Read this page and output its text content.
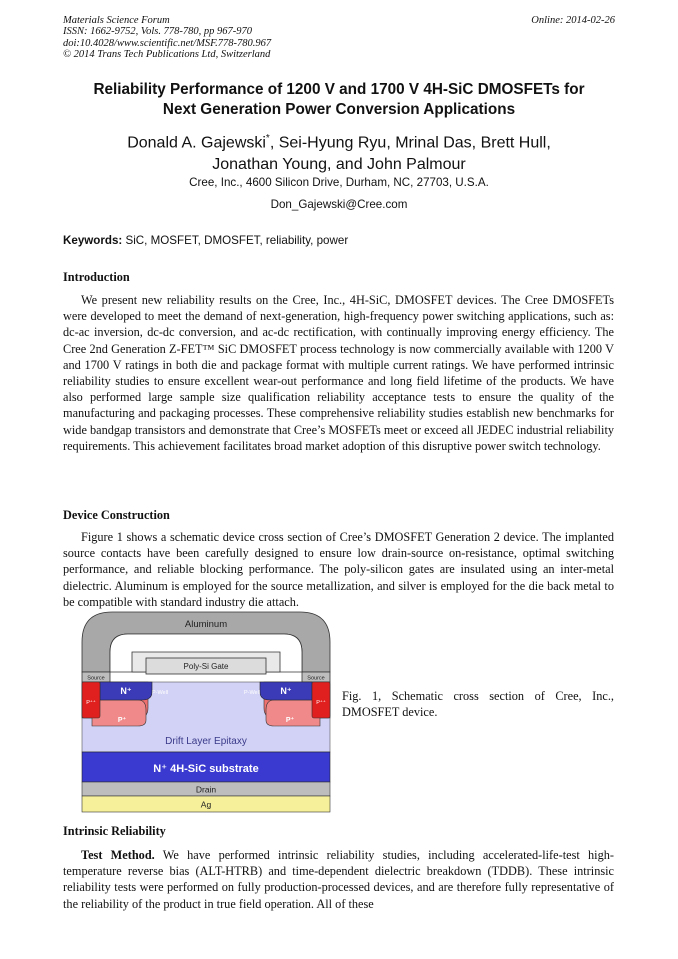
Materials Science Forum
ISSN: 1662-9752, Vols. 778-780, pp 967-970
doi:10.4028/www.scientific.net/MSF.778-780.967
© 2014 Trans Tech Publications Ltd, Switzerland
Online: 2014-02-26
Reliability Performance of 1200 V and 1700 V 4H-SiC DMOSFETs for
Next Generation Power Conversion Applications
Donald A. Gajewski*, Sei-Hyung Ryu, Mrinal Das, Brett Hull,
Jonathan Young, and John Palmour
Cree, Inc., 4600 Silicon Drive, Durham, NC, 27703, U.S.A.
Don_Gajewski@Cree.com
Keywords: SiC, MOSFET, DMOSFET, reliability, power
Introduction

We present new reliability results on the Cree, Inc., 4H-SiC, DMOSFET devices. The Cree DMOSFETs were developed to meet the demand of next-generation, high-frequency power switching applications, such as: dc-ac inversion, dc-dc conversion, and ac-dc rectification, with continually improving energy efficiency. The Cree 2nd Generation Z-FET™ SiC DMOSFET process technology is now commercially available with 1200 V and 1700 V ratings in both die and package format with multiple current ratings. We have performed intrinsic reliability studies to ensure excellent wear-out performance and long field lifetime of the products. We have also performed large sample size qualification reliability acceptance tests to ensure the quality of the manufacturing and packaging processes. These comprehensive reliability studies establish new benchmarks for wide bandgap transistors and demonstrate that Cree’s MOSFETs meet or exceed all JEDEC industrial reliability requirements. This achievement facilitates broad market adoption of this disruptive power switch technology.

Device Construction

Figure 1 shows a schematic device cross section of Cree’s DMOSFET Generation 2 device. The implanted source contacts have been carefully designed to ensure low drain-source on-resistance, optimal switching performance, and reliable blocking performance. The poly-silicon gates are insulated using an inter-metal dielectric. Aluminum is employed for the source metallization, and silver is employed for the die back metal to be compatible with standard industry die attach.

Aluminum
Poly-Si Gate
Source	Source
N⁺	N⁺
P-Well	P-Well
P⁺⁺	P⁺⁺
P⁺	P⁺
Drift Layer Epitaxy
N⁺ 4H-SiC substrate
Drain
Ag
Fig. 1, Schematic cross section of Cree, Inc., DMOSFET device.
Intrinsic Reliability

Test Method. We have performed intrinsic reliability studies, including accelerated-life-test high-temperature reverse bias (ALT-HTRB) and time-dependent dielectric breakdown (TDDB). These intrinsic reliability tests were performed on fully production-processed devices, and are therefore fully representative of the reliability of the product in true field operation. All of these
